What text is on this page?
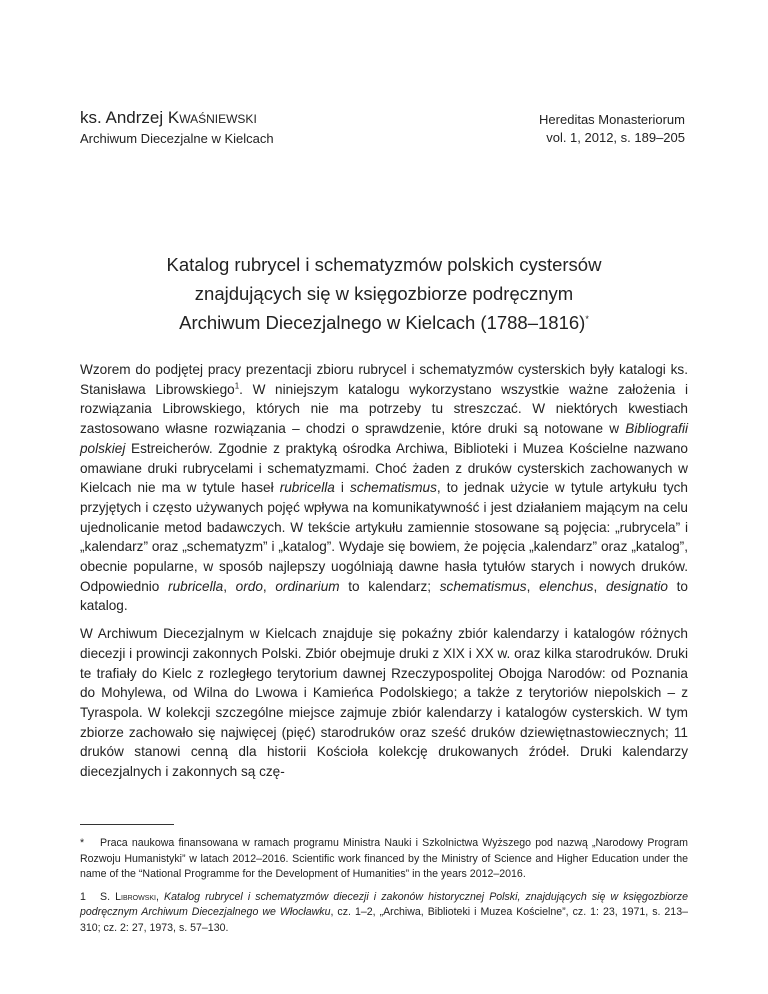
ks. Andrzej Kwaśniewski
Archiwum Diecezjalne w Kielcach
Hereditas Monasteriorum
vol. 1, 2012, s. 189–205
Katalog rubrycel i schematyzmów polskich cystersów
znajdujących się w księgozbiorze podręcznym
Archiwum Diecezjalnego w Kielcach (1788–1816)*

Wzorem do podjętej pracy prezentacji zbioru rubrycel i schematyzmów cysterskich były katalogi ks. Stanisława Librowskiego$^1$. W niniejszym katalogu wykorzystano wszystkie ważne założenia i rozwiązania Librowskiego, których nie ma potrzeby tu streszczać. W niektórych kwestiach zastosowano własne rozwiązania – chodzi o sprawdzenie, które druki są notowane w Bibliografii polskiej Estreicherów. Zgodnie z praktyką ośrodka Archiwa, Biblioteki i Muzea Kościelne nazwano omawiane druki rubrycelami i schematyzmami. Choć żaden z druków cysterskich zachowanych w Kielcach nie ma w tytule haseł rubricella i schematismus, to jednak użycie w tytule artykułu tych przyjętych i często używanych pojęć wpływa na komunikatywność i jest działaniem mającym na celu ujednolicanie metod badawczych. W tekście artykułu zamiennie stosowane są pojęcia: „rubrycela” i „kalendarz” oraz „schematyzm” i „katalog”. Wydaje się bowiem, że pojęcia „kalendarz” oraz „katalog”, obecnie popularne, w sposób najlepszy uogólniają dawne hasła tytułów starych i nowych druków. Odpowiednio rubricella, ordo, ordinarium to kalendarz; schematismus, elenchus, designatio to katalog.

W Archiwum Diecezjalnym w Kielcach znajduje się pokaźny zbiór kalendarzy i katalogów różnych diecezji i prowincji zakonnych Polski. Zbiór obejmuje druki z XIX i XX w. oraz kilka starodruków. Druki te trafiały do Kielc z rozległego terytorium dawnej Rzeczypospolitej Obojga Narodów: od Poznania do Mohylewa, od Wilna do Lwowa i Kamieńca Podolskiego; a także z terytoriów niepolskich – z Tyraspola. W kolekcji szczególne miejsce zajmuje zbiór kalendarzy i katalogów cysterskich. W tym zbiorze zachowało się najwięcej (pięć) starodruków oraz sześć druków dziewiętnastowiecznych; 11 druków stanowi cenną dla historii Kościoła kolekcję drukowanych źródeł. Druki kalendarzy diecezjalnych i zakonnych są czę-

* Praca naukowa finansowana w ramach programu Ministra Nauki i Szkolnictwa Wyższego pod nazwą „Narodowy Program Rozwoju Humanistyki” w latach 2012–2016. Scientific work financed by the Ministry of Science and Higher Education under the name of the “National Programme for the Development of Humanities” in the years 2012–2016.
1 S. Librowski, Katalog rubrycel i schematyzmów diecezji i zakonów historycznej Polski, znajdujących się w księgozbiorze podręcznym Archiwum Diecezjalnego we Włocławku, cz. 1–2, „Archiwa, Biblioteki i Muzea Kościelne”, cz. 1: 23, 1971, s. 213–310; cz. 2: 27, 1973, s. 57–130.
